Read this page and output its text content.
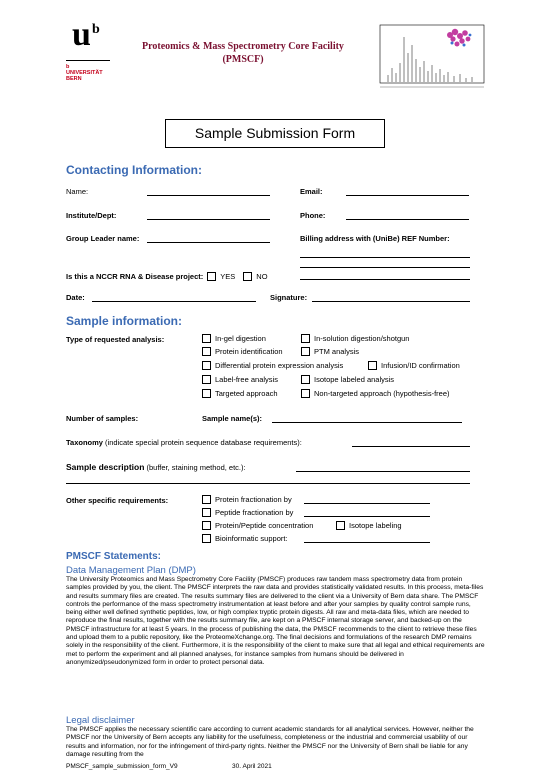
u b
b
UNIVERSITÄT
BERN
Proteomics & Mass Spectrometry Core Facility
(PMSCF)
Sample Submission Form
Contacting Information:
Name:	Email:
Institute/Dept:	Phone:
Group Leader name:	Billing address with (UniBe) REF Number:
Is this a NCCR RNA & Disease project: YES	NO
Date:	Signature:
Sample information:
Type of requested analysis:	In-gel digestion	In-solution digestion/shotgun
Protein identification	PTM analysis
Differential protein expression analysis	Infusion/ID confirmation
Label-free analysis	Isotope labeled analysis
Targeted approach	Non-targeted approach (hypothesis-free)
Number of samples:	Sample name(s):
Taxonomy (indicate special protein sequence database requirements):
Sample description (buffer, staining method, etc.):
Other specific requirements:	Protein fractionation by
Peptide fractionation by
Protein/Peptide concentration	Isotope labeling
Bioinformatic support:
PMSCF Statements:
Data Management Plan (DMP)
The University Proteomics and Mass Spectrometry Core Facility (PMSCF) produces raw tandem mass spectrometry data from protein samples provided by you, the client. The PMSCF interprets the raw data and provides statistically validated results. In this process, meta-files and results summary files are created. The results summary files are delivered to the client via a University of Bern data share. The PMSCF controls the performance of the mass spectrometry instrumentation at least before and after your samples by quality control sample runs, being either well defined synthetic peptides, low, or high complex tryptic protein digests. All raw and meta-data files, which are needed to reproduce the final results, together with the results summary file, are kept on a PMSCF internal storage server, and backed-up on the PMSCF infrastructure for at least 5 years. In the process of publishing the data, the PMSCF recommends to the client to retrieve these files and upload them to a public repository, like the ProteomeXchange.org. The final decisions and formulations of the research DMP remains solely in the responsibility of the client. Furthermore, it is the responsibility of the client to make sure that all legal and ethical requirements are met to perform the experiment and all planned analyses, for instance samples from humans should be delivered in anonymized/pseudonymized form in order to protect personal data.
Legal disclaimer
The PMSCF applies the necessary scientific care according to current academic standards for all analytical services. However, neither the PMSCF nor the University of Bern accepts any liability for the usefulness, completeness or the industrial and commercial usability of our results and information, nor for the infringement of third-party rights. Neither the PMSCF nor the University of Bern shall be liable for any damage resulting from the
PMSCF_sample_submission_form_V9	30. April 2021
